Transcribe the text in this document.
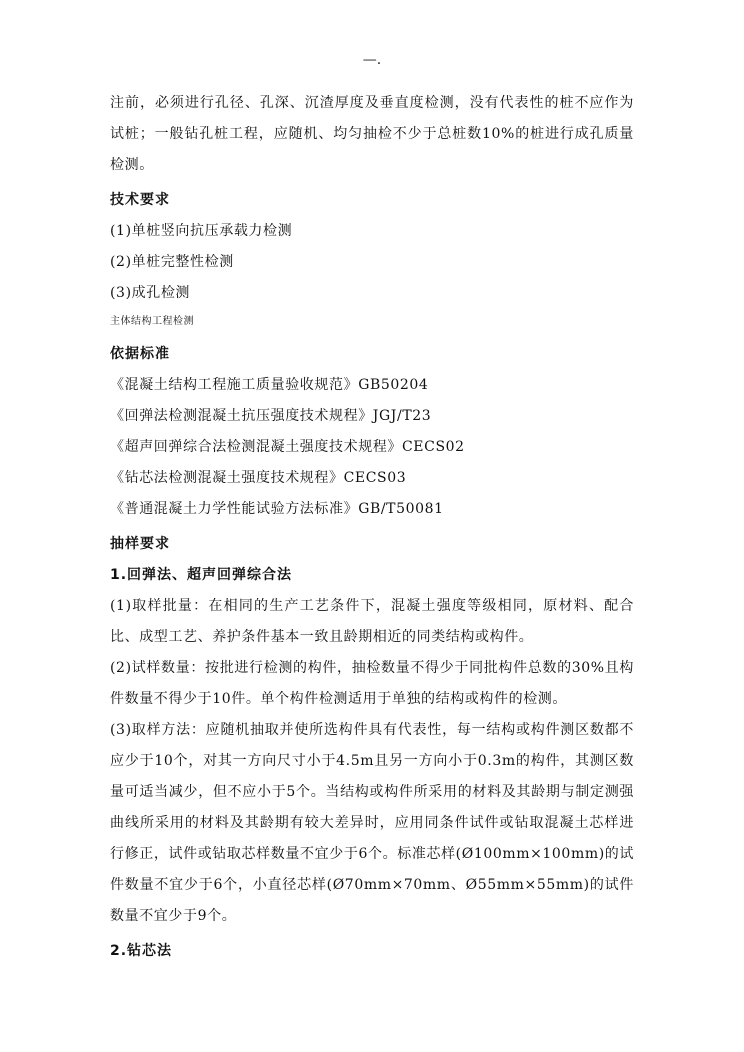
—.

注前，必须进行孔径、孔深、沉渣厚度及垂直度检测，没有代表性的桩不应作为试桩；一般钻孔桩工程，应随机、均匀抽检不少于总桩数10%的桩进行成孔质量检测。

技术要求

(1)单桩竖向抗压承载力检测

(2)单桩完整性检测

(3)成孔检测

主体结构工程检测

依据标准

《混凝土结构工程施工质量验收规范》GB50204

《回弹法检测混凝土抗压强度技术规程》JGJ/T23

《超声回弹综合法检测混凝土强度技术规程》CECS02

《钻芯法检测混凝土强度技术规程》CECS03

《普通混凝土力学性能试验方法标准》GB/T50081

抽样要求

1.回弹法、超声回弹综合法

(1)取样批量：在相同的生产工艺条件下，混凝土强度等级相同，原材料、配合比、成型工艺、养护条件基本一致且龄期相近的同类结构或构件。

(2)试样数量：按批进行检测的构件，抽检数量不得少于同批构件总数的30%且构件数量不得少于10件。单个构件检测适用于单独的结构或构件的检测。

(3)取样方法：应随机抽取并使所选构件具有代表性，每一结构或构件测区数都不应少于10个，对其一方向尺寸小于4.5m且另一方向小于0.3m的构件，其测区数量可适当减少，但不应小于5个。当结构或构件所采用的材料及其龄期与制定测强曲线所采用的材料及其龄期有较大差异时，应用同条件试件或钻取混凝土芯样进行修正，试件或钻取芯样数量不宜少于6个。标准芯样(Ø100mm×100mm)的试件数量不宜少于6个，小直径芯样(Ø70mm×70mm、Ø55mm×55mm)的试件数量不宜少于9个。

2.钻芯法
